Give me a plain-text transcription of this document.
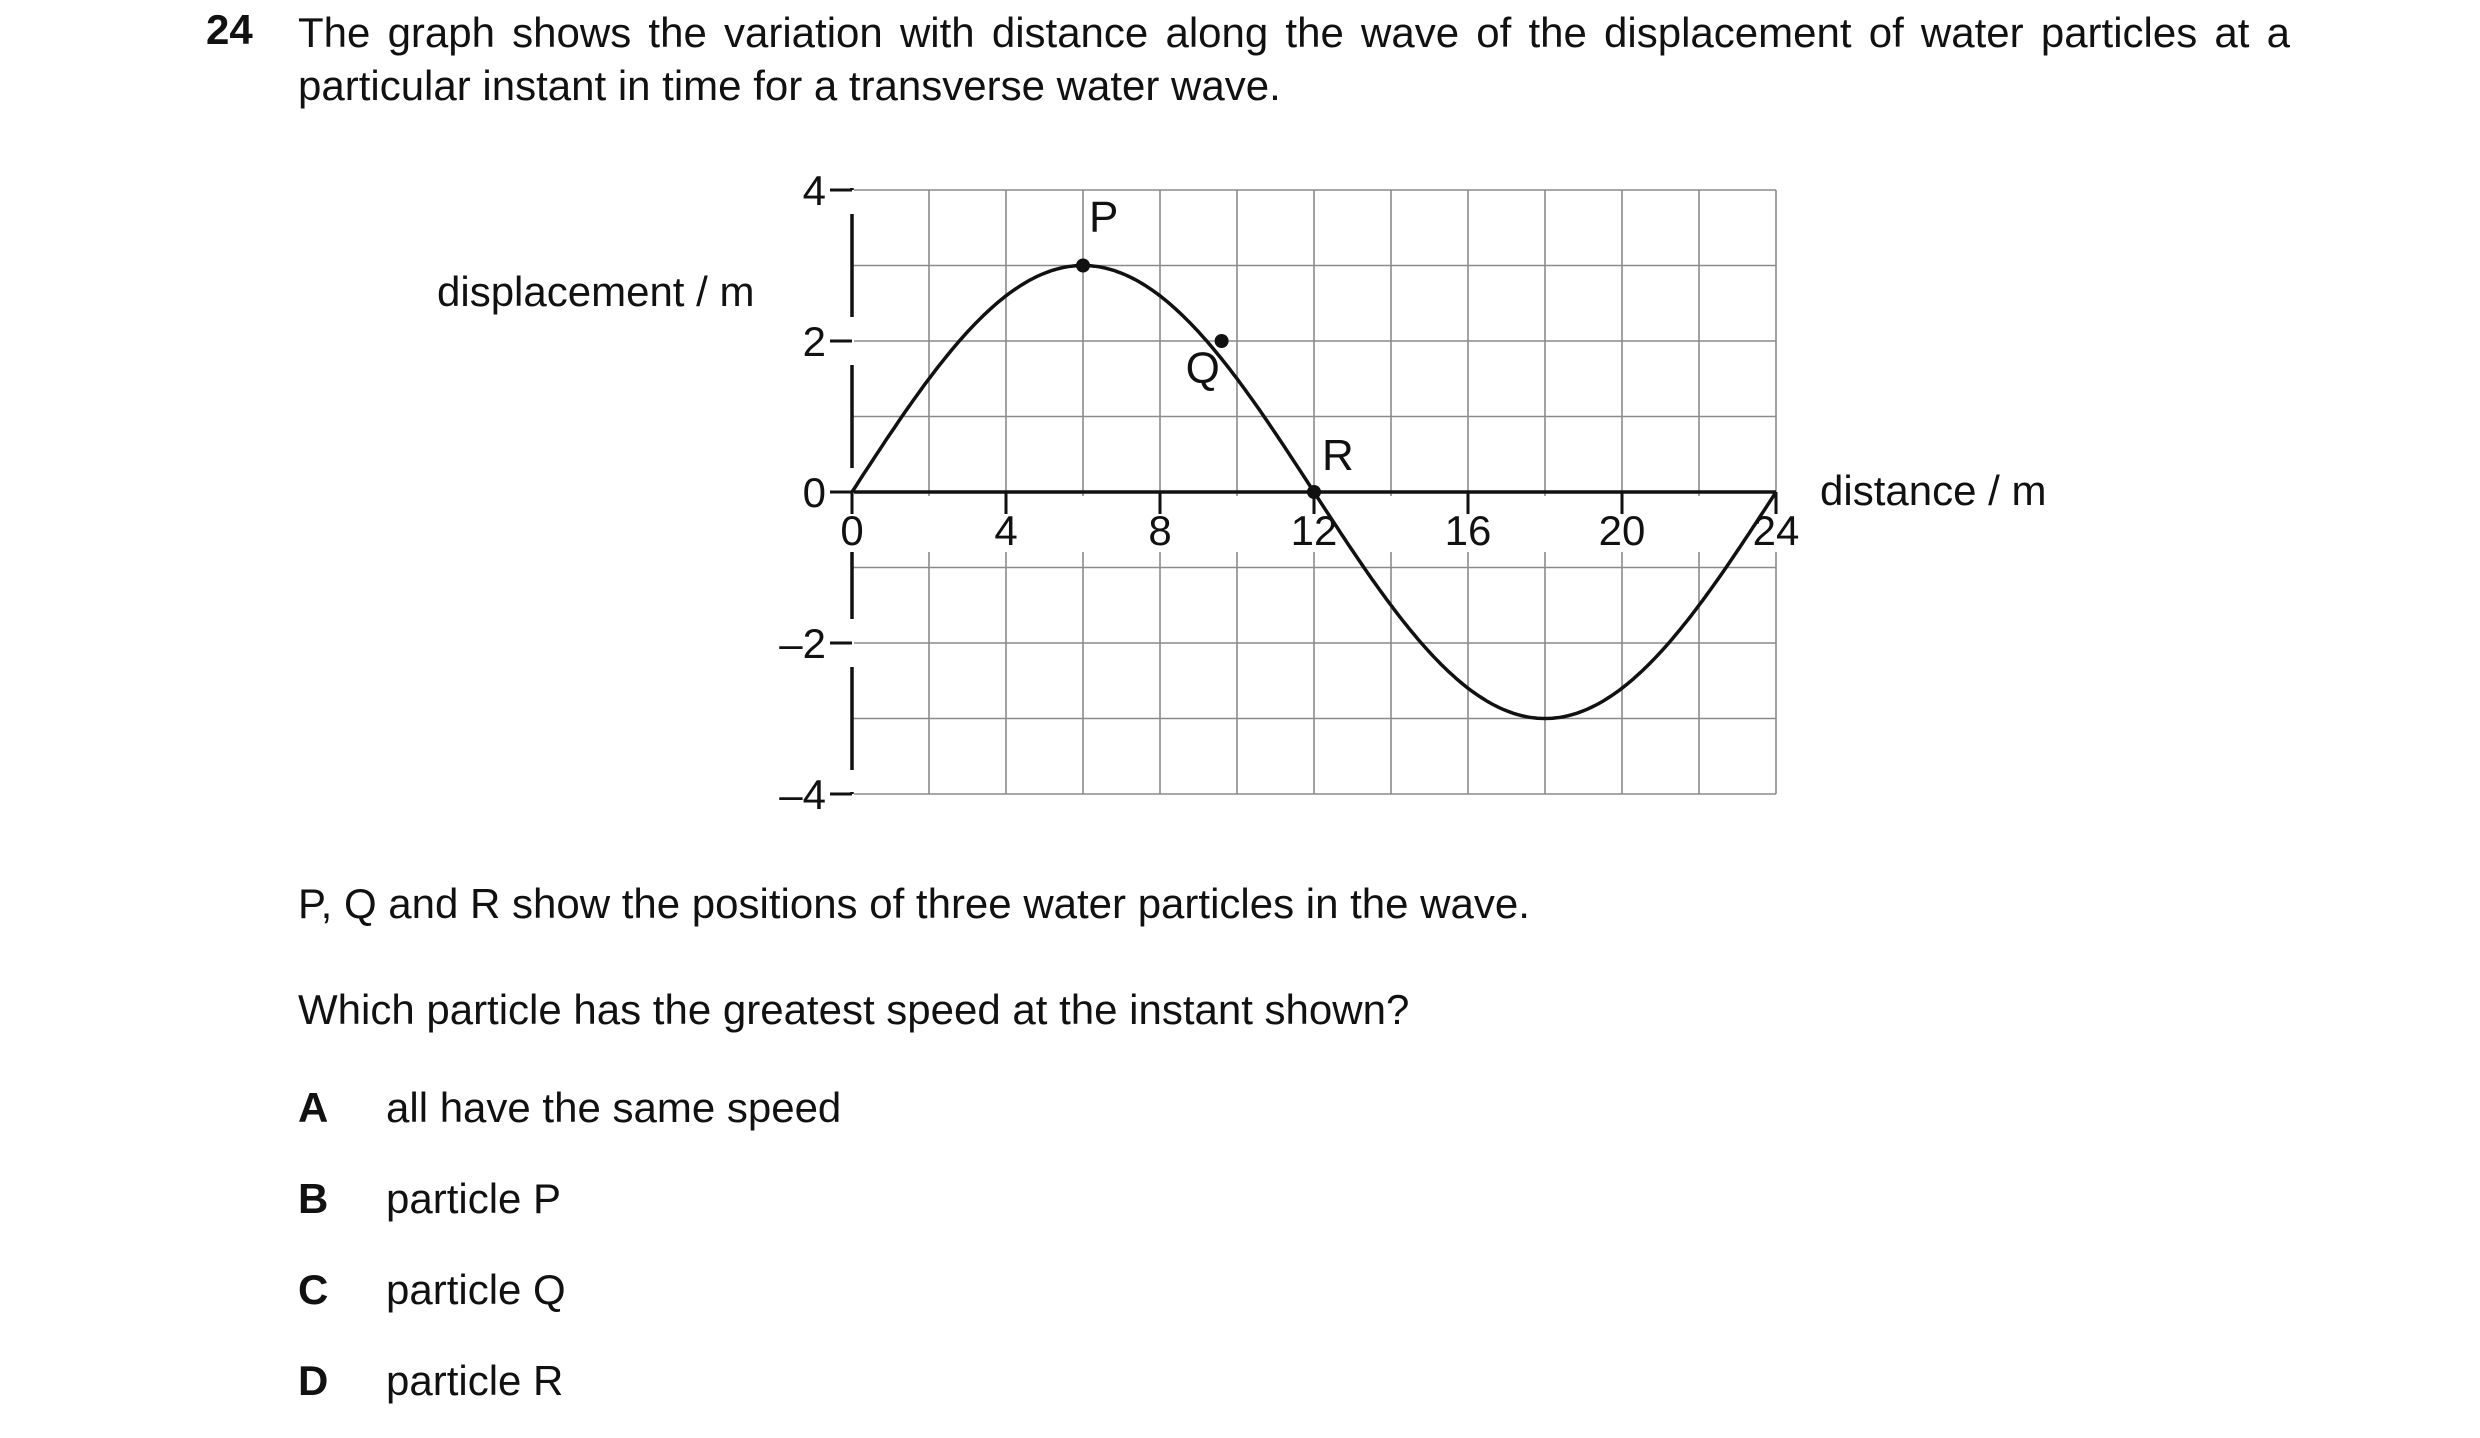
24 The graph shows the variation with distance along the wave of the displacement of water particles at a particular instant in time for a transverse water wave.
4
2
0
–2
–4
0	4	8	12	16	20	24
P
Q
R
displacement / m
distance / m
P, Q and R show the positions of three water particles in the wave.
Which particle has the greatest speed at the instant shown?
A all have the same speed
B particle P
C particle Q
D particle R
